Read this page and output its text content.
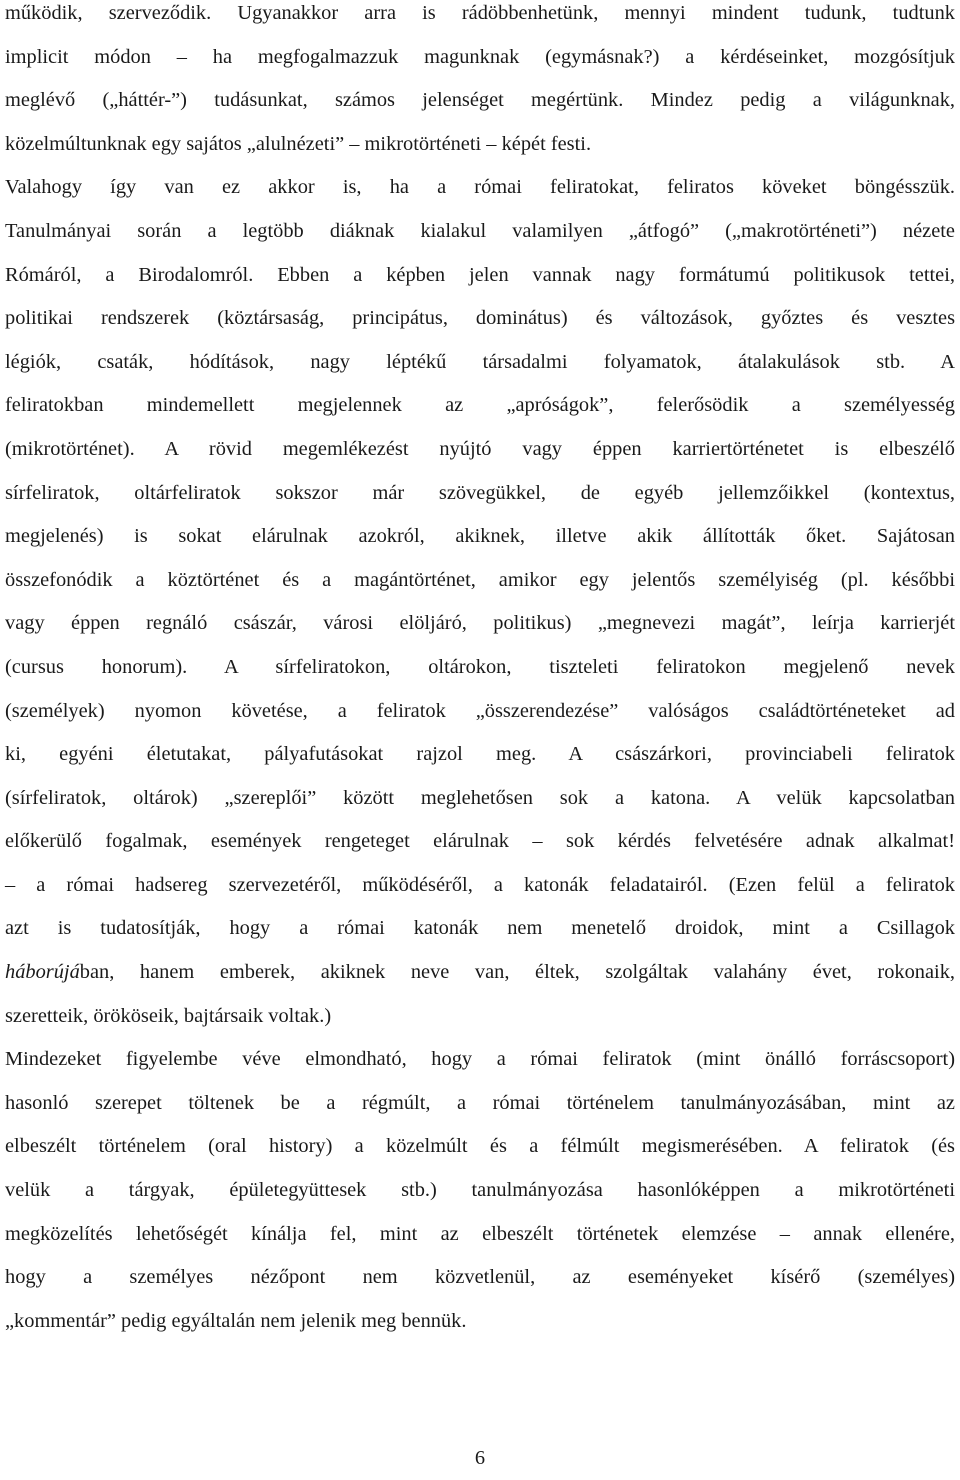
működik, szerveződik. Ugyanakkor arra is rádöbbenhetünk, mennyi mindent tudunk, tudtunk
implicit módon – ha megfogalmazzuk magunknak (egymásnak?) a kérdéseinket, mozgósítjuk
meglévő („háttér-”) tudásunkat, számos jelenséget megértünk. Mindez pedig a világunknak,
közelmúltunknak egy sajátos „alulnézeti” – mikrotörténeti – képét festi.
Valahogy így van ez akkor is, ha a római feliratokat, feliratos köveket böngésszük.
Tanulmányai során a legtöbb diáknak kialakul valamilyen „átfogó” („makrotörténeti”) nézete
Rómáról, a Birodalomról. Ebben a képben jelen vannak nagy formátumú politikusok tettei,
politikai rendszerek (köztársaság, principátus, dominátus) és változások, győztes és vesztes
légiók, csaták, hódítások, nagy léptékű társadalmi folyamatok, átalakulások stb. A
feliratokban mindemellett megjelennek az „apróságok”, felerősödik a személyesség
(mikrotörténet). A rövid megemlékezést nyújtó vagy éppen karriertörténetet is elbeszélő
sírfeliratok, oltárfeliratok sokszor már szövegükkel, de egyéb jellemzőikkel (kontextus,
megjelenés) is sokat elárulnak azokról, akiknek, illetve akik állították őket. Sajátosan
összefonódik a köztörténet és a magántörténet, amikor egy jelentős személyiség (pl. későbbi
vagy éppen regnáló császár, városi elöljáró, politikus) „megnevezi magát”, leírja karrierjét
(cursus honorum). A sírfeliratokon, oltárokon, tiszteleti feliratokon megjelenő nevek
(személyek) nyomon követése, a feliratok „összerendezése” valóságos családtörténeteket ad
ki, egyéni életutakat, pályafutásokat rajzol meg. A császárkori, provinciabeli feliratok
(sírfeliratok, oltárok) „szereplői” között meglehetősen sok a katona. A velük kapcsolatban
előkerülő fogalmak, események rengeteget elárulnak – sok kérdés felvetésére adnak alkalmat!
– a római hadsereg szervezetéről, működéséről, a katonák feladatairól. (Ezen felül a feliratok
azt is tudatosítják, hogy a római katonák nem menetelő droidok, mint a Csillagok
háborújában, hanem emberek, akiknek neve van, éltek, szolgáltak valahány évet, rokonaik,
szeretteik, örököseik, bajtársaik voltak.)
Mindezeket figyelembe véve elmondható, hogy a római feliratok (mint önálló forráscsoport)
hasonló szerepet töltenek be a régmúlt, a római történelem tanulmányozásában, mint az
elbeszélt történelem (oral history) a közelmúlt és a félmúlt megismerésében. A feliratok (és
velük a tárgyak, épületegyüttesek stb.) tanulmányozása hasonlóképpen a mikrotörténeti
megközelítés lehetőségét kínálja fel, mint az elbeszélt történetek elemzése – annak ellenére,
hogy a személyes nézőpont nem közvetlenül, az eseményeket kísérő (személyes)
„kommentár” pedig egyáltalán nem jelenik meg bennük.
6
